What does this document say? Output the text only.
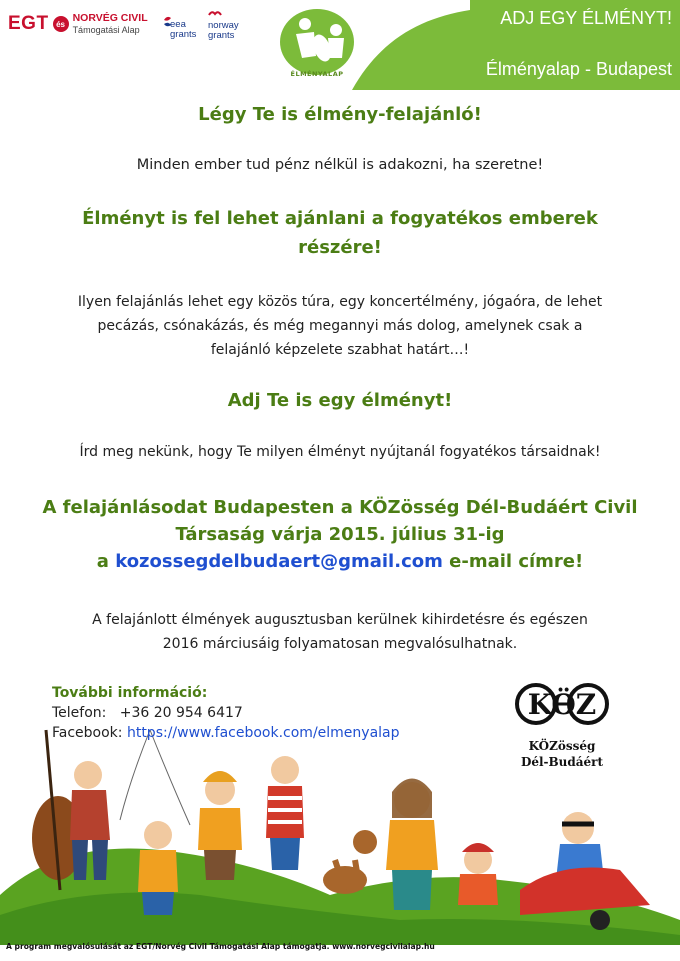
EGT és NORVÉG CIVIL
Támogatási Alap	eea grants
norway grants
ÉLMÉNYALAP
ADJ EGY ÉLMÉNYT!
Élményalap - Budapest
Légy Te is élmény-felajánló!
Minden ember tud pénz nélkül is adakozni, ha szeretne!
Élményt is fel lehet ajánlani a fogyatékos emberek
részére!
Ilyen felajánlás lehet egy közös túra, egy koncertélmény, jógaóra, de lehet
pecázás, csónakázás, és még megannyi más dolog, amelynek csak a
felajánló képzelete szabhat határt…!
Adj Te is egy élményt!
Írd meg nekünk, hogy Te milyen élményt nyújtanál fogyatékos társaidnak!
A felajánlásodat Budapesten a KÖZösség Dél-Budáért Civil
Társaság várja 2015. július 31-ig
a kozossegdelbudaert@gmail.com e-mail címre!
A felajánlott élmények augusztusban kerülnek kihirdetésre és egészen
2016 márciusáig folyamatosan megvalósulhatnak.
További információ:
Telefon: +36 20 954 6417
Facebook: https://www.facebook.com/elmenyalap
KÖZ
KÖZösség
Dél-Budáért
A program megvalósulását az EGT/Norvég Civil Támogatási Alap támogatja. www.norvegcivilalap.hu
